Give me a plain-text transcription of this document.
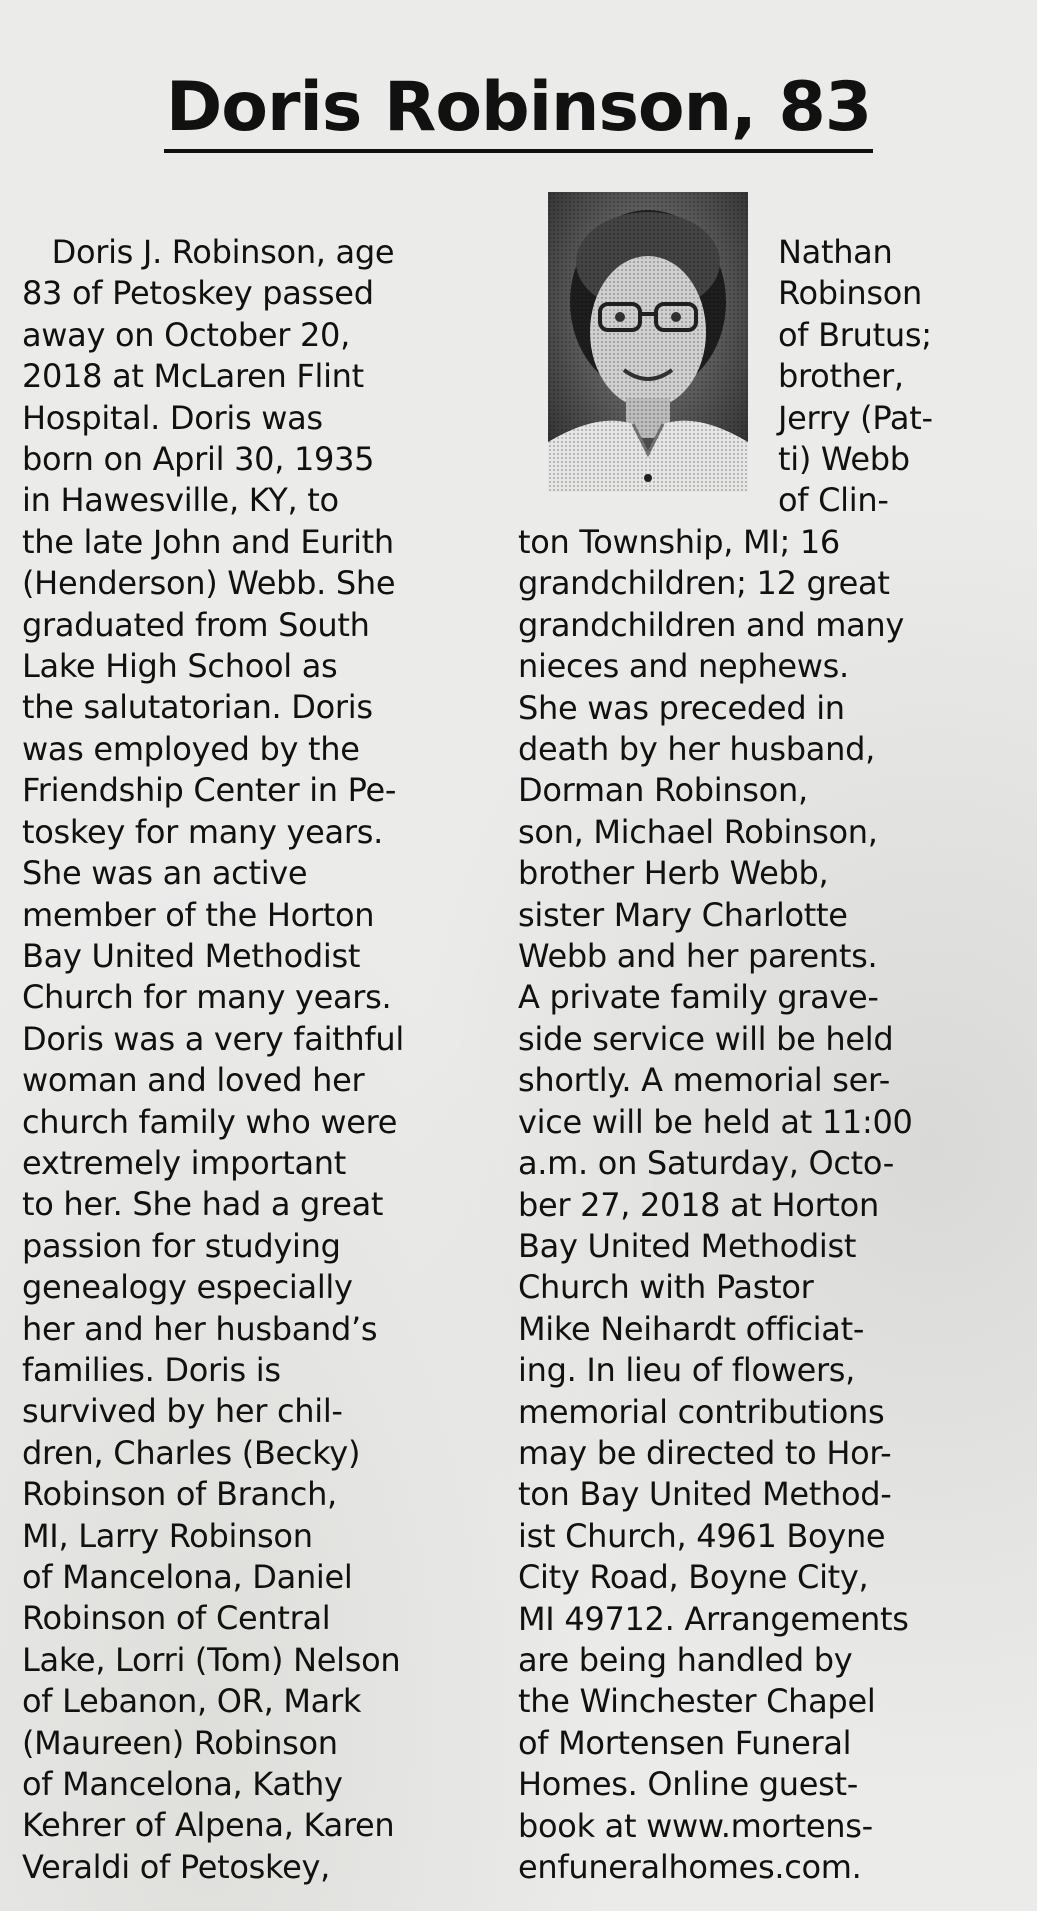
Doris Robinson, 83
Doris J. Robinson, age
83 of Petoskey passed
away on October 20,
2018 at McLaren Flint
Hospital. Doris was
born on April 30, 1935
in Hawesville, KY, to
the late John and Eurith
(Henderson) Webb. She
graduated from South
Lake High School as
the salutatorian. Doris
was employed by the
Friendship Center in Pe-
toskey for many years.
She was an active
member of the Horton
Bay United Methodist
Church for many years.
Doris was a very faithful
woman and loved her
church family who were
extremely important
to her. She had a great
passion for studying
genealogy especially
her and her husband’s
families. Doris is
survived by her chil-
dren, Charles (Becky)
Robinson of Branch,
MI, Larry Robinson
of Mancelona, Daniel
Robinson of Central
Lake, Lorri (Tom) Nelson
of Lebanon, OR, Mark
(Maureen) Robinson
of Mancelona, Kathy
Kehrer of Alpena, Karen
Veraldi of Petoskey,
Nathan
Robinson
of Brutus;
brother,
Jerry (Pat-
ti) Webb
of Clin-
ton Township, MI; 16
grandchildren; 12 great
grandchildren and many
nieces and nephews.
She was preceded in
death by her husband,
Dorman Robinson,
son, Michael Robinson,
brother Herb Webb,
sister Mary Charlotte
Webb and her parents.
A private family grave-
side service will be held
shortly. A memorial ser-
vice will be held at 11:00
a.m. on Saturday, Octo-
ber 27, 2018 at Horton
Bay United Methodist
Church with Pastor
Mike Neihardt officiat-
ing. In lieu of flowers,
memorial contributions
may be directed to Hor-
ton Bay United Method-
ist Church, 4961 Boyne
City Road, Boyne City,
MI 49712. Arrangements
are being handled by
the Winchester Chapel
of Mortensen Funeral
Homes. Online guest-
book at www.mortens-
enfuneralhomes.com.
